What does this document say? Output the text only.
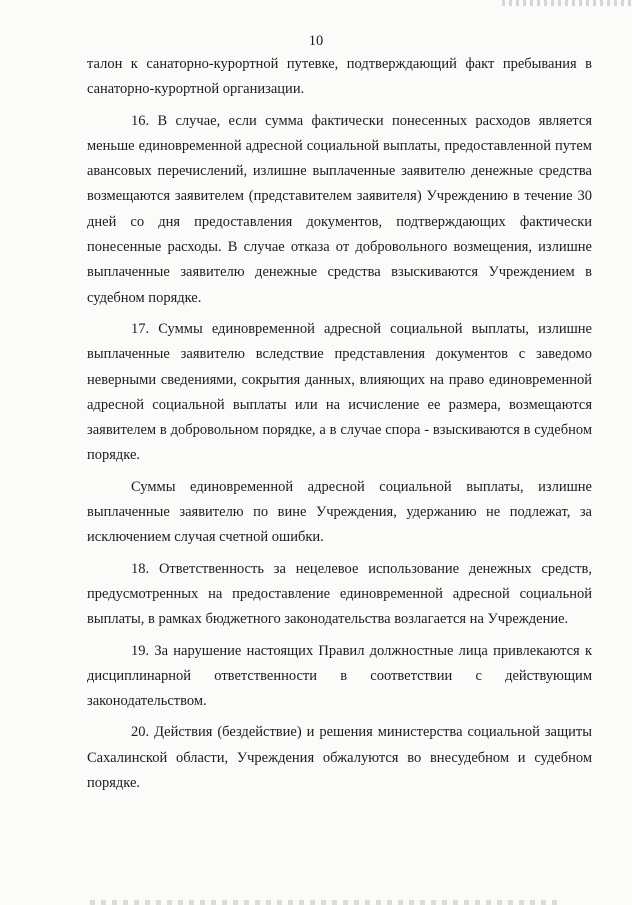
10

талон к санаторно-курортной путевке, подтверждающий факт пребывания в санаторно-курортной организации.

16. В случае, если сумма фактически понесенных расходов является меньше единовременной адресной социальной выплаты, предоставленной путем авансовых перечислений, излишне выплаченные заявителю денежные средства возмещаются заявителем (представителем заявителя) Учреждению в течение 30 дней со дня предоставления документов, подтверждающих фактически понесенные расходы. В случае отказа от добровольного возмещения, излишне выплаченные заявителю денежные средства взыскиваются Учреждением в судебном порядке.

17. Суммы единовременной адресной социальной выплаты, излишне выплаченные заявителю вследствие представления документов с заведомо неверными сведениями, сокрытия данных, влияющих на право единовременной адресной социальной выплаты или на исчисление ее размера, возмещаются заявителем в добровольном порядке, а в случае спора - взыскиваются в судебном порядке.

Суммы единовременной адресной социальной выплаты, излишне выплаченные заявителю по вине Учреждения, удержанию не подлежат, за исключением случая счетной ошибки.

18. Ответственность за нецелевое использование денежных средств, предусмотренных на предоставление единовременной адресной социальной выплаты, в рамках бюджетного законодательства возлагается на Учреждение.

19. За нарушение настоящих Правил должностные лица привлекаются к дисциплинарной ответственности в соответствии с действующим законодательством.

20. Действия (бездействие) и решения министерства социальной защиты Сахалинской области, Учреждения обжалуются во внесудебном и судебном порядке.
